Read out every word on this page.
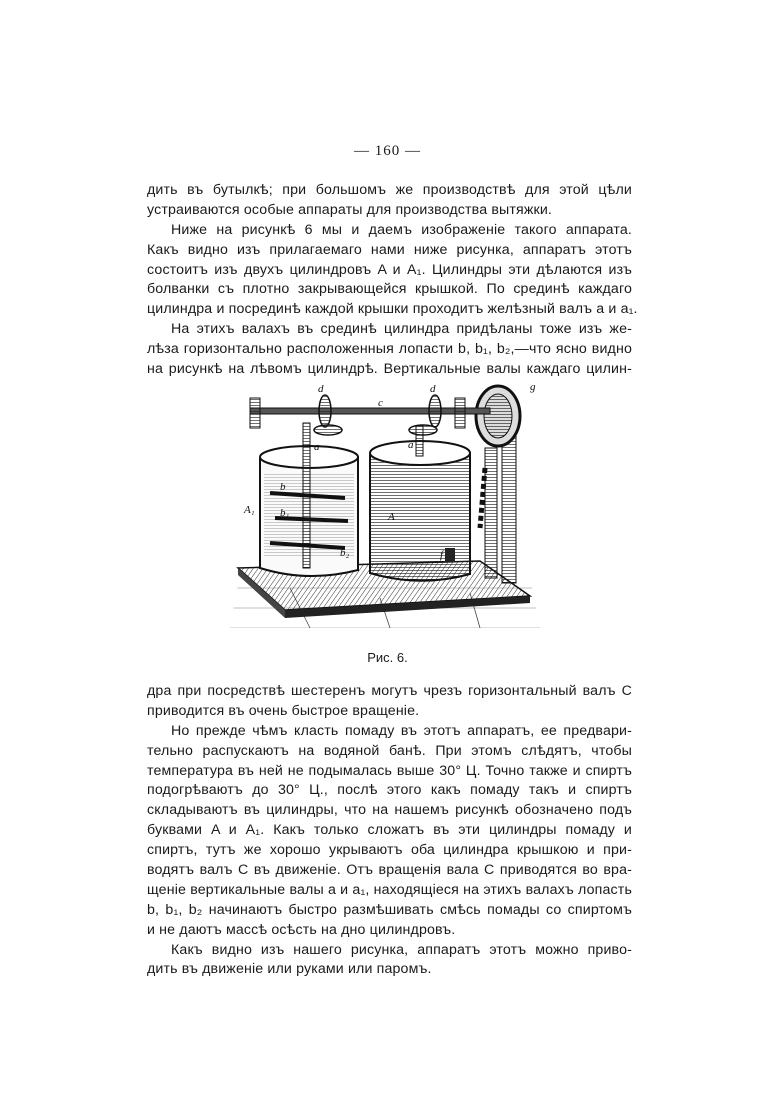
— 160 —

дить въ бутылкѣ; при большомъ же производствѣ для этой цѣли

устраиваются особые аппараты для производства вытяжки.

Ниже на рисункѣ 6 мы и даемъ изображеніе такого аппарата.

Какъ видно изъ прилагаемаго нами ниже рисунка, аппаратъ этотъ

состоитъ изъ двухъ цилиндровъ A и A₁. Цилиндры эти дѣлаются изъ

болванки съ плотно закрывающейся крышкой. По срединѣ каждаго

цилиндра и посрединѣ каждой крышки проходитъ желѣзный валъ a и a₁.

На этихъ валахъ въ срединѣ цилиндра придѣланы тоже изъ же-

лѣза горизонтально расположенныя лопасти b, b₁, b₂,—что ясно видно

на рисункѣ на лѣвомъ цилиндрѣ. Вертикальные валы каждаго цилин-

d	d
c
g
a	a
A₁
A
b
b₁
b₂	f
Рис. 6.

дра при посредствѣ шестеренъ могутъ чрезъ горизонтальный валъ C

приводится въ очень быстрое вращеніе.

Но прежде чѣмъ класть помаду въ этотъ аппаратъ, ее предвари-

тельно распускаютъ на водяной банѣ. При этомъ слѣдятъ, чтобы

температура въ ней не подымалась выше 30° Ц. Точно также и спиртъ

подогрѣваютъ до 30° Ц., послѣ этого какъ помаду такъ и спиртъ

складываютъ въ цилиндры, что на нашемъ рисункѣ обозначено подъ

буквами A и A₁. Какъ только сложатъ въ эти цилиндры помаду и

спиртъ, тутъ же хорошо укрываютъ оба цилиндра крышкою и при-

водятъ валъ C въ движеніе. Отъ вращенія вала C приводятся во вра-

щеніе вертикальные валы a и a₁, находящіеся на этихъ валахъ лопасть

b, b₁, b₂ начинаютъ быстро размѣшивать смѣсь помады со спиртомъ

и не даютъ массѣ осѣсть на дно цилиндровъ.

Какъ видно изъ нашего рисунка, аппаратъ этотъ можно приво-

дить въ движеніе или руками или паромъ.
